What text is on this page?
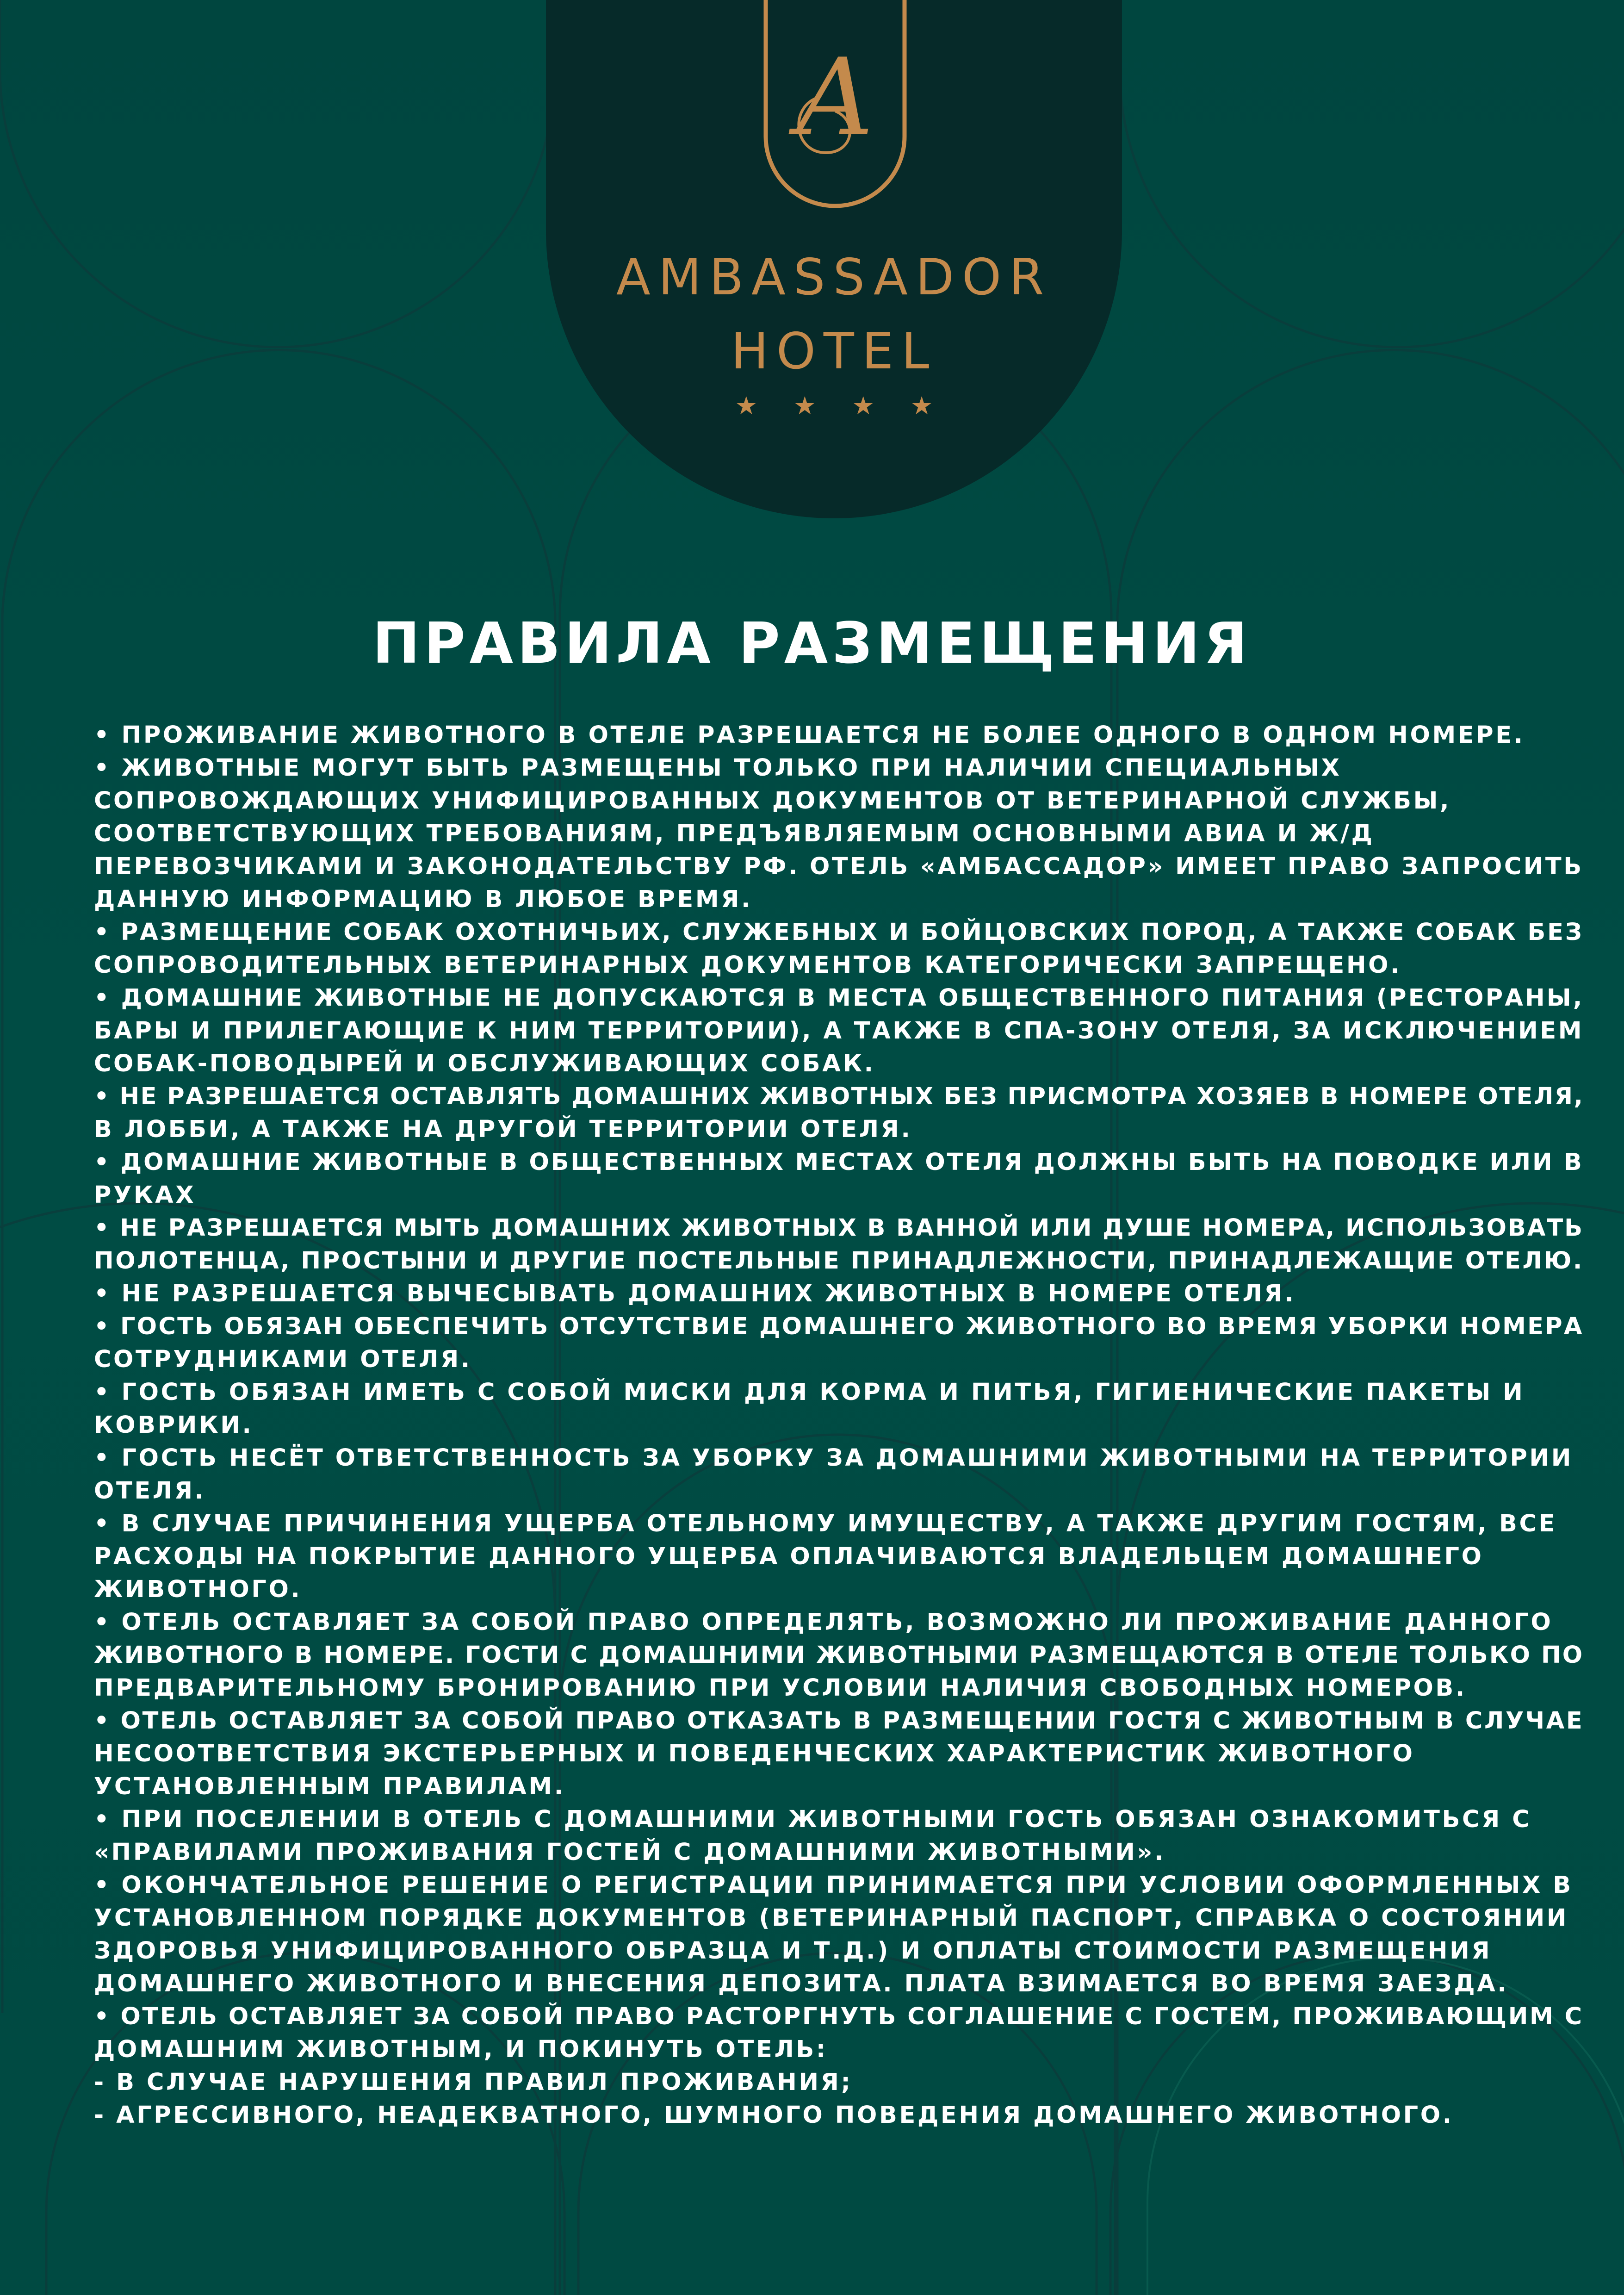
A
AMBASSADOR
HOTEL
★★★★
ПРАВИЛА РАЗМЕЩЕНИЯ
• ПРОЖИВАНИЕ ЖИВОТНОГО В ОТЕЛЕ РАЗРЕШАЕТСЯ НЕ БОЛЕЕ ОДНОГО В ОДНОМ НОМЕРЕ.
• ЖИВОТНЫЕ МОГУТ БЫТЬ РАЗМЕЩЕНЫ ТОЛЬКО ПРИ НАЛИЧИИ СПЕЦИАЛЬНЫХ
СОПРОВОЖДАЮЩИХ УНИФИЦИРОВАННЫХ ДОКУМЕНТОВ ОТ ВЕТЕРИНАРНОЙ СЛУЖБЫ,
СООТВЕТСТВУЮЩИХ ТРЕБОВАНИЯМ, ПРЕДЪЯВЛЯЕМЫМ ОСНОВНЫМИ АВИА И Ж/Д
ПЕРЕВОЗЧИКАМИ И ЗАКОНОДАТЕЛЬСТВУ РФ. ОТЕЛЬ «АМБАССАДОР» ИМЕЕТ ПРАВО ЗАПРОСИТЬ
ДАННУЮ ИНФОРМАЦИЮ В ЛЮБОЕ ВРЕМЯ.
• РАЗМЕЩЕНИЕ СОБАК ОХОТНИЧЬИХ, СЛУЖЕБНЫХ И БОЙЦОВСКИХ ПОРОД, А ТАКЖЕ СОБАК БЕЗ
СОПРОВОДИТЕЛЬНЫХ ВЕТЕРИНАРНЫХ ДОКУМЕНТОВ КАТЕГОРИЧЕСКИ ЗАПРЕЩЕНО.
• ДОМАШНИЕ ЖИВОТНЫЕ НЕ ДОПУСКАЮТСЯ В МЕСТА ОБЩЕСТВЕННОГО ПИТАНИЯ (РЕСТОРАНЫ,
БАРЫ И ПРИЛЕГАЮЩИЕ К НИМ ТЕРРИТОРИИ), А ТАКЖЕ В СПА-ЗОНУ ОТЕЛЯ, ЗА ИСКЛЮЧЕНИЕМ
СОБАК-ПОВОДЫРЕЙ И ОБСЛУЖИВАЮЩИХ СОБАК.
• НЕ РАЗРЕШАЕТСЯ ОСТАВЛЯТЬ ДОМАШНИХ ЖИВОТНЫХ БЕЗ ПРИСМОТРА ХОЗЯЕВ В НОМЕРЕ ОТЕЛЯ,
В ЛОББИ, А ТАКЖЕ НА ДРУГОЙ ТЕРРИТОРИИ ОТЕЛЯ.
• ДОМАШНИЕ ЖИВОТНЫЕ В ОБЩЕСТВЕННЫХ МЕСТАХ ОТЕЛЯ ДОЛЖНЫ БЫТЬ НА ПОВОДКЕ ИЛИ В
РУКАХ
• НЕ РАЗРЕШАЕТСЯ МЫТЬ ДОМАШНИХ ЖИВОТНЫХ В ВАННОЙ ИЛИ ДУШЕ НОМЕРА, ИСПОЛЬЗОВАТЬ
ПОЛОТЕНЦА, ПРОСТЫНИ И ДРУГИЕ ПОСТЕЛЬНЫЕ ПРИНАДЛЕЖНОСТИ, ПРИНАДЛЕЖАЩИЕ ОТЕЛЮ.
• НЕ РАЗРЕШАЕТСЯ ВЫЧЕСЫВАТЬ ДОМАШНИХ ЖИВОТНЫХ В НОМЕРЕ ОТЕЛЯ.
• ГОСТЬ ОБЯЗАН ОБЕСПЕЧИТЬ ОТСУТСТВИЕ ДОМАШНЕГО ЖИВОТНОГО ВО ВРЕМЯ УБОРКИ НОМЕРА
СОТРУДНИКАМИ ОТЕЛЯ.
• ГОСТЬ ОБЯЗАН ИМЕТЬ С СОБОЙ МИСКИ ДЛЯ КОРМА И ПИТЬЯ, ГИГИЕНИЧЕСКИЕ ПАКЕТЫ И
КОВРИКИ.
• ГОСТЬ НЕСЁТ ОТВЕТСТВЕННОСТЬ ЗА УБОРКУ ЗА ДОМАШНИМИ ЖИВОТНЫМИ НА ТЕРРИТОРИИ
ОТЕЛЯ.
• В СЛУЧАЕ ПРИЧИНЕНИЯ УЩЕРБА ОТЕЛЬНОМУ ИМУЩЕСТВУ, А ТАКЖЕ ДРУГИМ ГОСТЯМ, ВСЕ
РАСХОДЫ НА ПОКРЫТИЕ ДАННОГО УЩЕРБА ОПЛАЧИВАЮТСЯ ВЛАДЕЛЬЦЕМ ДОМАШНЕГО
ЖИВОТНОГО.
• ОТЕЛЬ ОСТАВЛЯЕТ ЗА СОБОЙ ПРАВО ОПРЕДЕЛЯТЬ, ВОЗМОЖНО ЛИ ПРОЖИВАНИЕ ДАННОГО
ЖИВОТНОГО В НОМЕРЕ. ГОСТИ С ДОМАШНИМИ ЖИВОТНЫМИ РАЗМЕЩАЮТСЯ В ОТЕЛЕ ТОЛЬКО ПО
ПРЕДВАРИТЕЛЬНОМУ БРОНИРОВАНИЮ ПРИ УСЛОВИИ НАЛИЧИЯ СВОБОДНЫХ НОМЕРОВ.
• ОТЕЛЬ ОСТАВЛЯЕТ ЗА СОБОЙ ПРАВО ОТКАЗАТЬ В РАЗМЕЩЕНИИ ГОСТЯ С ЖИВОТНЫМ В СЛУЧАЕ
НЕСООТВЕТСТВИЯ ЭКСТЕРЬЕРНЫХ И ПОВЕДЕНЧЕСКИХ ХАРАКТЕРИСТИК ЖИВОТНОГО
УСТАНОВЛЕННЫМ ПРАВИЛАМ.
• ПРИ ПОСЕЛЕНИИ В ОТЕЛЬ С ДОМАШНИМИ ЖИВОТНЫМИ ГОСТЬ ОБЯЗАН ОЗНАКОМИТЬСЯ С
«ПРАВИЛАМИ ПРОЖИВАНИЯ ГОСТЕЙ С ДОМАШНИМИ ЖИВОТНЫМИ».
• ОКОНЧАТЕЛЬНОЕ РЕШЕНИЕ О РЕГИСТРАЦИИ ПРИНИМАЕТСЯ ПРИ УСЛОВИИ ОФОРМЛЕННЫХ В
УСТАНОВЛЕННОМ ПОРЯДКЕ ДОКУМЕНТОВ (ВЕТЕРИНАРНЫЙ ПАСПОРТ, СПРАВКА О СОСТОЯНИИ
ЗДОРОВЬЯ УНИФИЦИРОВАННОГО ОБРАЗЦА И Т.Д.) И ОПЛАТЫ СТОИМОСТИ РАЗМЕЩЕНИЯ
ДОМАШНЕГО ЖИВОТНОГО И ВНЕСЕНИЯ ДЕПОЗИТА. ПЛАТА ВЗИМАЕТСЯ ВО ВРЕМЯ ЗАЕЗДА.
• ОТЕЛЬ ОСТАВЛЯЕТ ЗА СОБОЙ ПРАВО РАСТОРГНУТЬ СОГЛАШЕНИЕ С ГОСТЕМ, ПРОЖИВАЮЩИМ С
ДОМАШНИМ ЖИВОТНЫМ, И ПОКИНУТЬ ОТЕЛЬ:
- В СЛУЧАЕ НАРУШЕНИЯ ПРАВИЛ ПРОЖИВАНИЯ;
- АГРЕССИВНОГО, НЕАДЕКВАТНОГО, ШУМНОГО ПОВЕДЕНИЯ ДОМАШНЕГО ЖИВОТНОГО.
